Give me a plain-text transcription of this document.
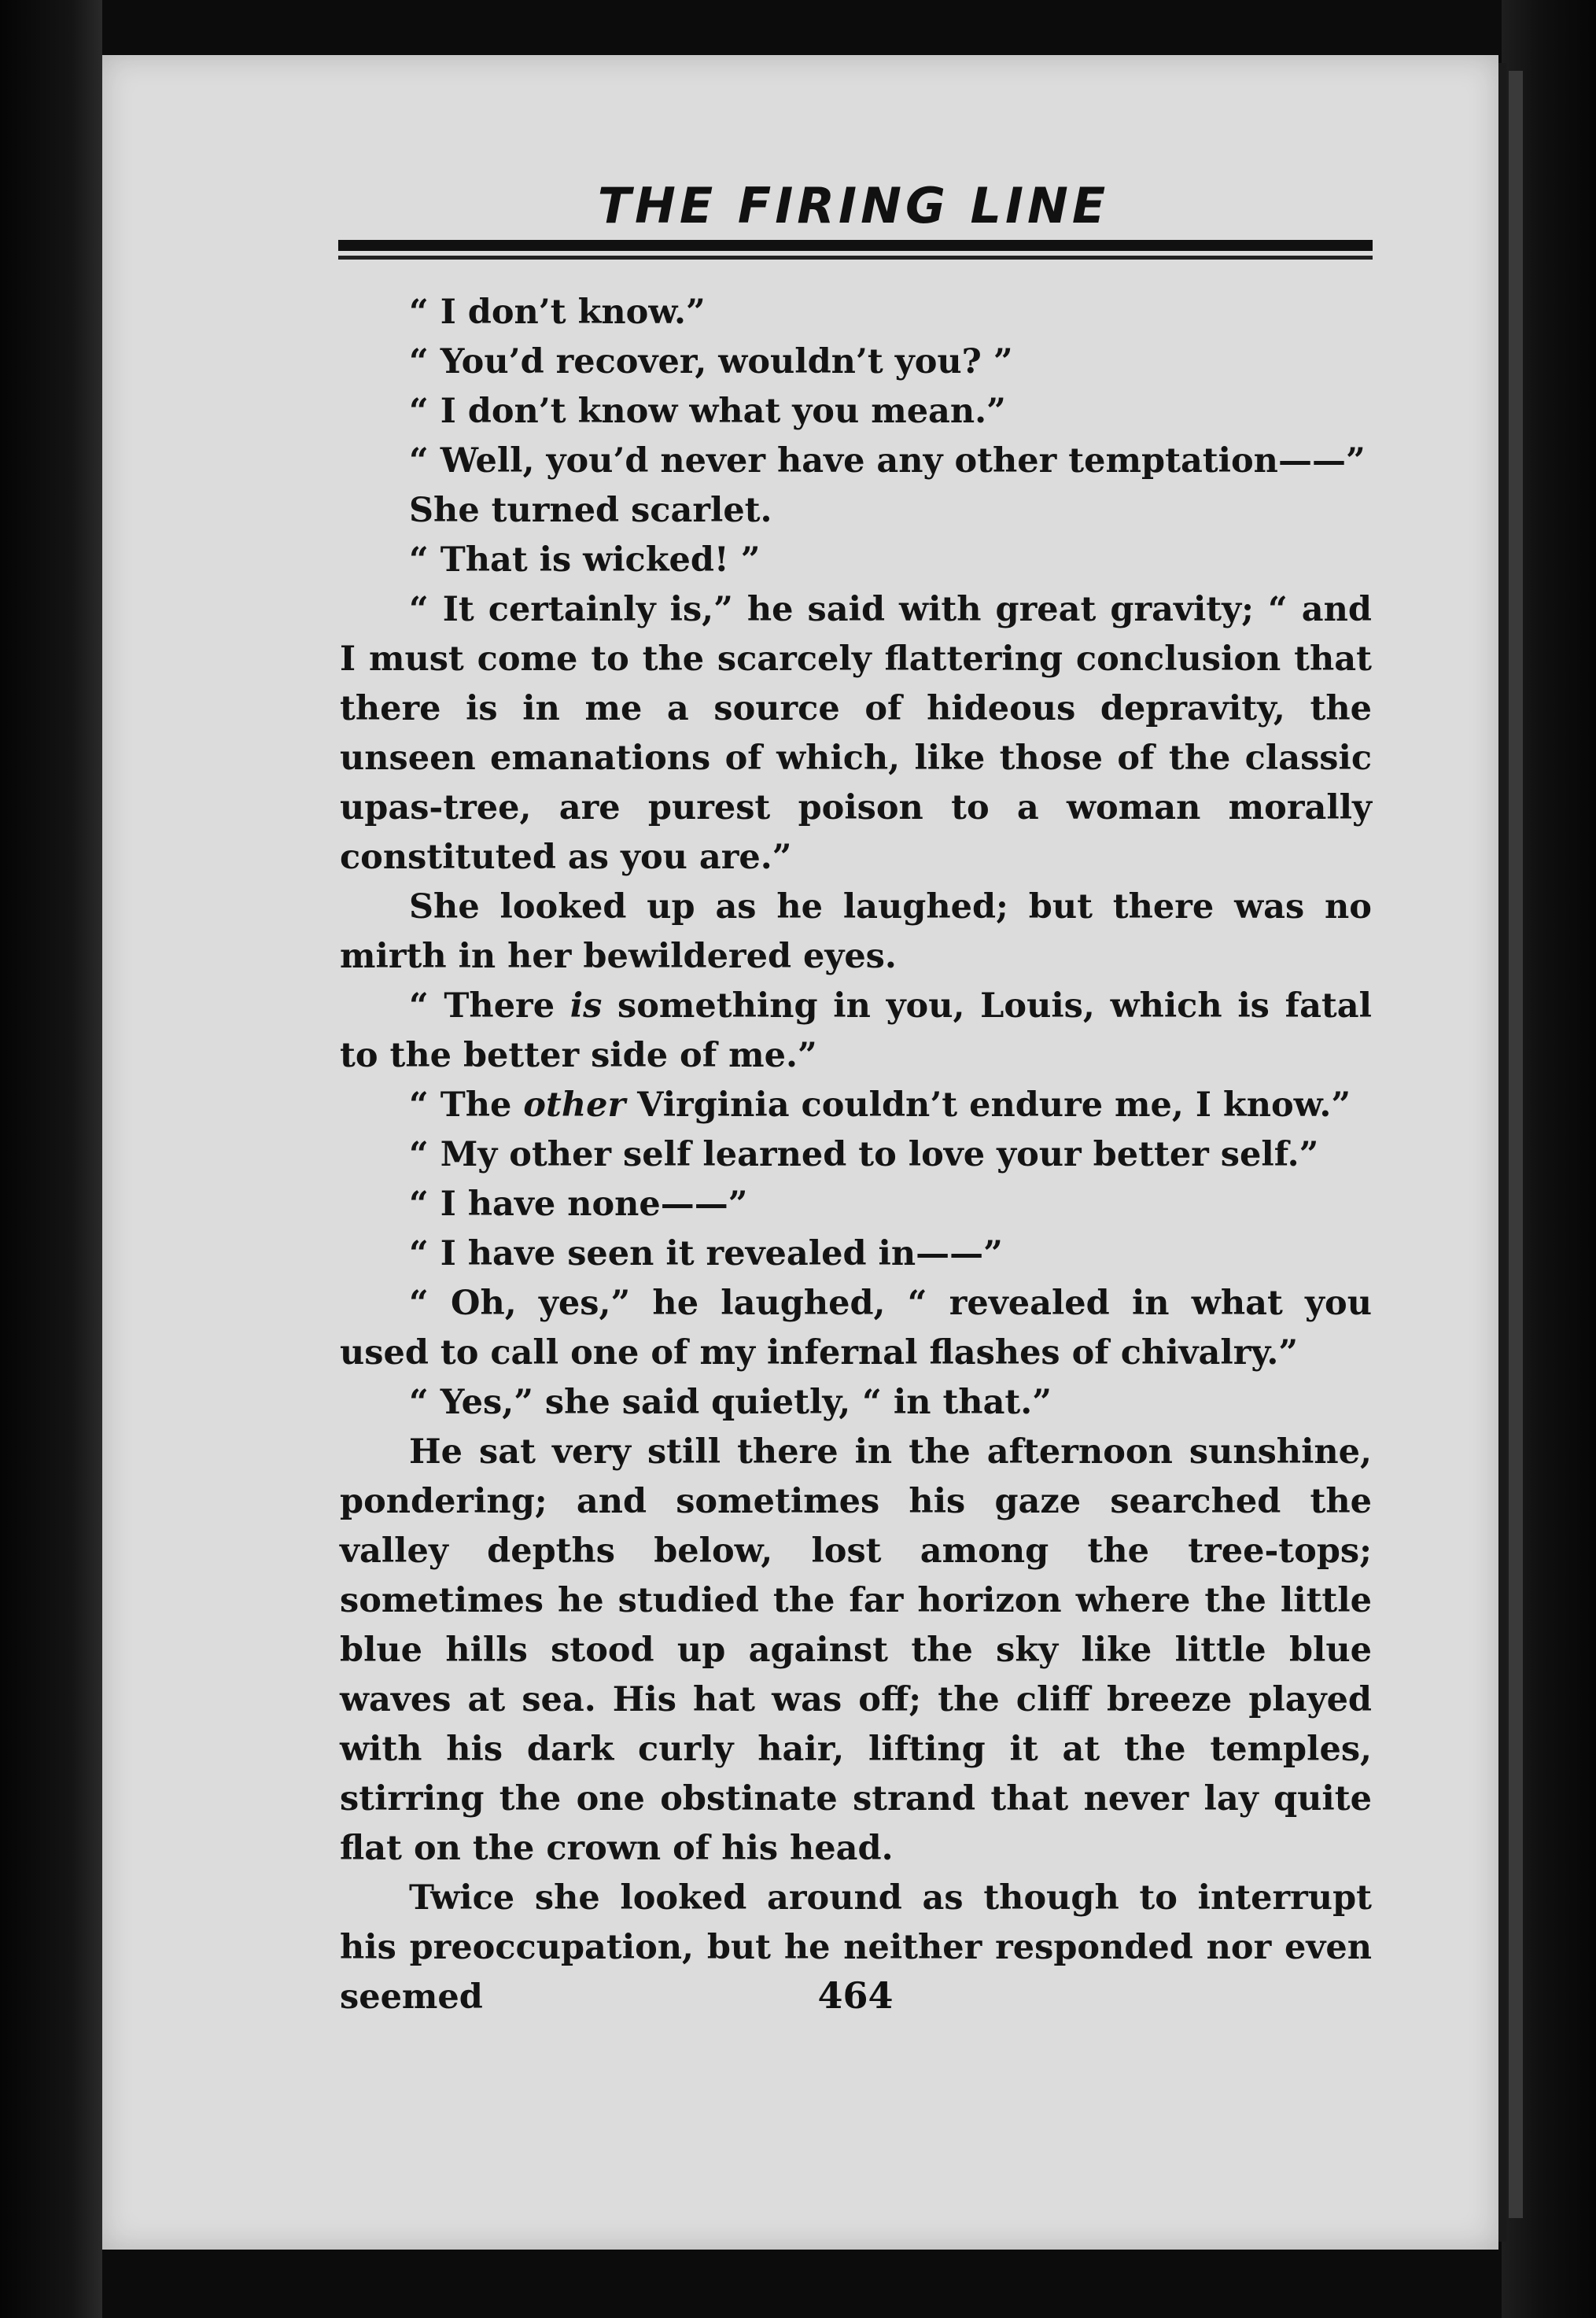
THE FIRING LINE

“ I don’t know.”

“ You’d recover, wouldn’t you? ”

“ I don’t know what you mean.”

“ Well, you’d never have any other temptation——”

She turned scarlet.

“ That is wicked! ”

“ It certainly is,” he said with great gravity; “ and I must come to the scarcely flattering conclusion that there is in me a source of hideous depravity, the unseen emanations of which, like those of the classic upas-tree, are purest poison to a woman morally constituted as you are.”

She looked up as he laughed; but there was no mirth in her bewildered eyes.

“ There is something in you, Louis, which is fatal to the better side of me.”

“ The other Virginia couldn’t endure me, I know.”

“ My other self learned to love your better self.”

“ I have none——”

“ I have seen it revealed in——”

“ Oh, yes,” he laughed, “ revealed in what you used to call one of my infernal flashes of chivalry.”

“ Yes,” she said quietly, “ in that.”

He sat very still there in the afternoon sunshine, pondering; and sometimes his gaze searched the valley depths below, lost among the tree-tops; sometimes he studied the far horizon where the little blue hills stood up against the sky like little blue waves at sea. His hat was off; the cliff breeze played with his dark curly hair, lifting it at the temples, stirring the one obstinate strand that never lay quite flat on the crown of his head.

Twice she looked around as though to interrupt his preoccupation, but he neither responded nor even seemed	464
